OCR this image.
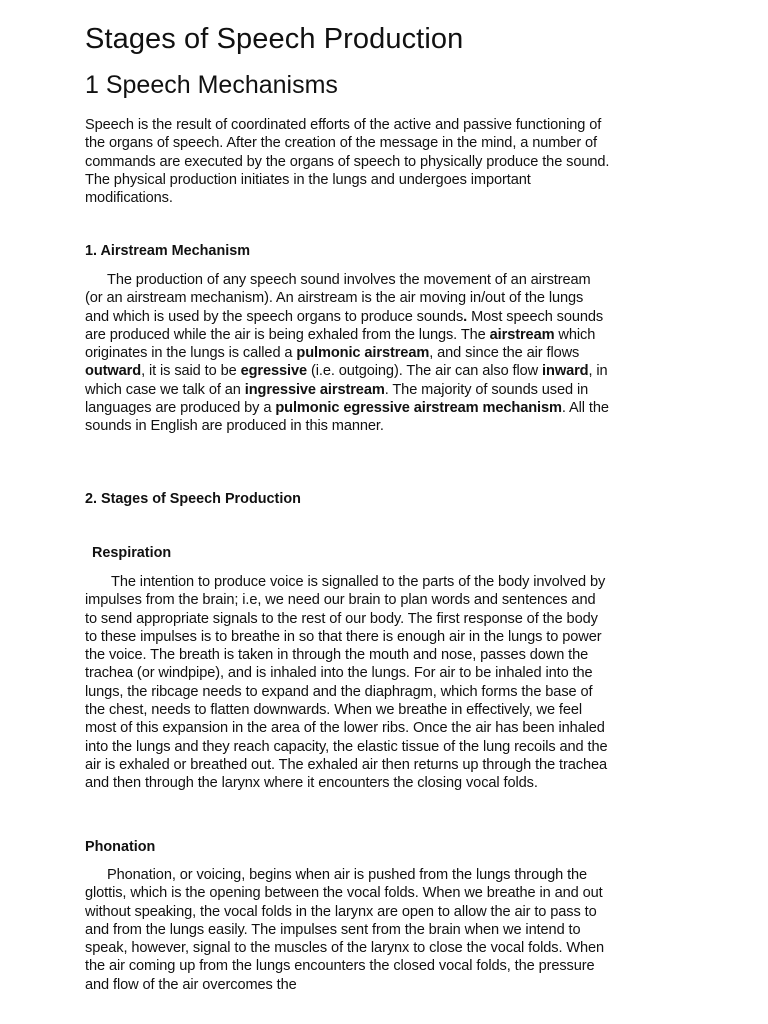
Stages of Speech Production
1 Speech Mechanisms

Speech is the result of coordinated efforts of the active and passive functioning of the organs of speech. After the creation of the message in the mind, a number of commands are executed by the organs of speech to physically produce the sound. The physical production initiates in the lungs and undergoes important modifications.

1. Airstream Mechanism

The production of any speech sound involves the movement of an airstream (or an airstream mechanism). An airstream is the air moving in/out of the lungs and which is used by the speech organs to produce sounds. Most speech sounds are produced while the air is being exhaled from the lungs. The airstream which originates in the lungs is called a pulmonic airstream, and since the air flows outward, it is said to be egressive (i.e. outgoing). The air can also flow inward, in which case we talk of an ingressive airstream. The majority of sounds used in languages are produced by a pulmonic egressive airstream mechanism. All the sounds in English are produced in this manner.

2. Stages of Speech Production
Respiration

The intention to produce voice is signalled to the parts of the body involved by impulses from the brain; i.e, we need our brain to plan words and sentences and to send appropriate signals to the rest of our body. The first response of the body to these impulses is to breathe in so that there is enough air in the lungs to power the voice. The breath is taken in through the mouth and nose, passes down the trachea (or windpipe), and is inhaled into the lungs. For air to be inhaled into the lungs, the ribcage needs to expand and the diaphragm, which forms the base of the chest, needs to flatten downwards. When we breathe in effectively, we feel most of this expansion in the area of the lower ribs. Once the air has been inhaled into the lungs and they reach capacity, the elastic tissue of the lung recoils and the air is exhaled or breathed out. The exhaled air then returns up through the trachea and then through the larynx where it encounters the closing vocal folds.

Phonation

Phonation, or voicing, begins when air is pushed from the lungs through the glottis, which is the opening between the vocal folds. When we breathe in and out without speaking, the vocal folds in the larynx are open to allow the air to pass to and from the lungs easily. The impulses sent from the brain when we intend to speak, however, signal to the muscles of the larynx to close the vocal folds. When the air coming up from the lungs encounters the closed vocal folds, the pressure and flow of the air overcomes the
